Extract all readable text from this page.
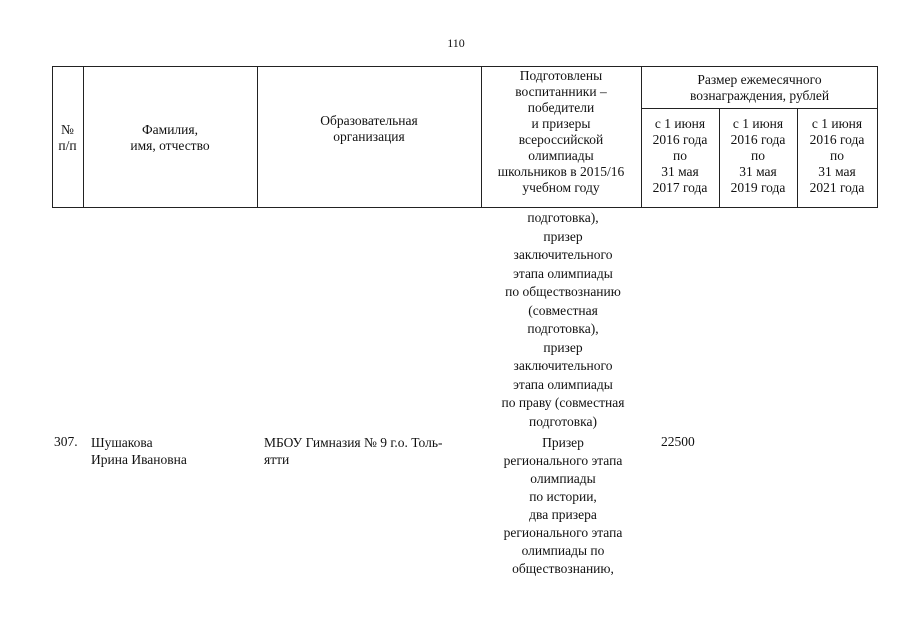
110
№
п/п
Фамилия,
имя, отчество
Образовательная
организация
Подготовлены
воспитанники –
победители
и призеры
всероссийской
олимпиады
школьников в 2015/16
учебном году
Размер ежемесячного
вознаграждения, рублей
с 1 июня
2016 года
по
31 мая
2017 года
с 1 июня
2016 года
по
31 мая
2019 года
с 1 июня
2016 года
по
31 мая
2021 года
подготовка),
призер
заключительного
этапа олимпиады
по обществознанию
(совместная
подготовка),
призер
заключительного
этапа олимпиады
по праву (совместная
подготовка)
307. Шушакова
Ирина Ивановна
МБОУ Гимназия № 9 г.о. Толь-
ятти
Призер
регионального этапа
олимпиады
по истории,
два призера
регионального этапа
олимпиады по
обществознанию,
22500
